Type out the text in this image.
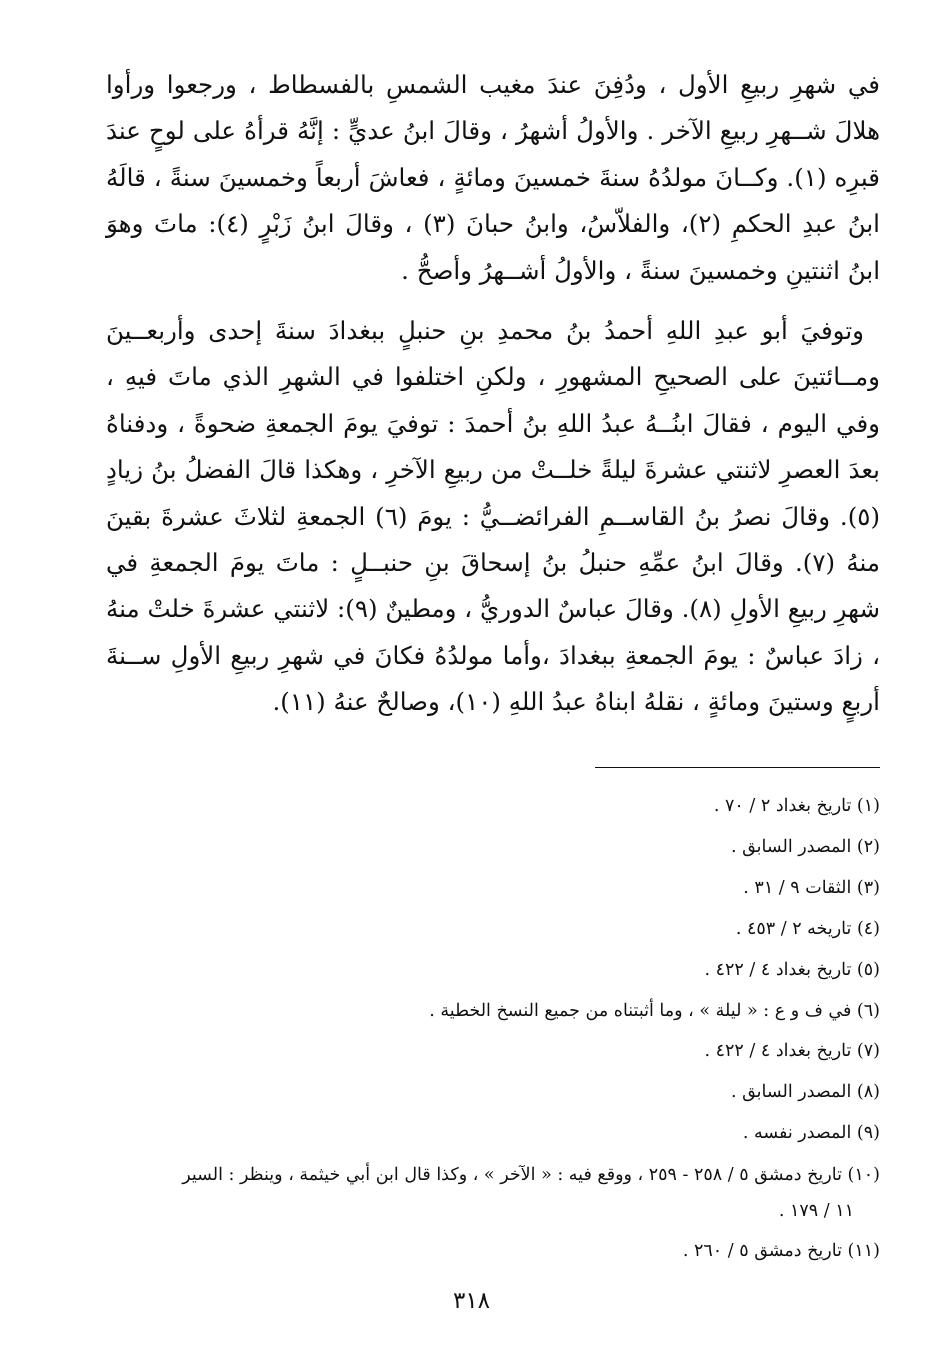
في شهرِ ربيعِ الأول ، ودُفِنَ عندَ مغيب الشمسِ بالفسطاط ، ورجعوا ورأوا هلالَ شــهرِ ربيعِ الآخر . والأولُ أشهرُ ، وقالَ ابنُ عديٍّ : إنَّهُ قرأهُ على لوحٍ عندَ قبرِه (١). وكــانَ مولدُهُ سنةَ خمسينَ ومائةٍ ، فعاشَ أربعاً وخمسينَ سنةً ، قالَهُ ابنُ عبدِ الحكمِ (٢)، والفلاّسُ، وابنُ حبانَ (٣) ، وقالَ ابنُ زَبْرٍ (٤): ماتَ وهوَ ابنُ اثنتينِ وخمسينَ سنةً ، والأولُ أشــهرُ وأصحُّ .

وتوفيَ أبو عبدِ اللهِ أحمدُ بنُ محمدِ بنِ حنبلٍ ببغدادَ سنةَ إحدى وأربعــينَ ومــائتينَ على الصحيحِ المشهورِ ، ولكنِ اختلفوا في الشهرِ الذي ماتَ فيهِ ، وفي اليوم ، فقالَ ابنُــهُ عبدُ اللهِ بنُ أحمدَ : توفيَ يومَ الجمعةِ ضحوةً ، ودفناهُ بعدَ العصرِ لاثنتي عشرةَ ليلةً خلــتْ من ربيعِ الآخرِ ، وهكذا قالَ الفضلُ بنُ زيادٍ (٥). وقالَ نصرُ بنُ القاســمِ الفرائضــيُّ : يومَ (٦) الجمعةِ لثلاثَ عشرةَ بقينَ منهُ (٧). وقالَ ابنُ عمِّهِ حنبلُ بنُ إسحاقَ بنِ حنبــلٍ : ماتَ يومَ الجمعةِ في شهرِ ربيعِ الأولِ (٨). وقالَ عباسٌ الدوريُّ ، ومطينٌ (٩): لاثنتي عشرةَ خلتْ منهُ ، زادَ عباسٌ : يومَ الجمعةِ ببغدادَ ،وأما مولدُهُ فكانَ في شهرِ ربيعِ الأولِ ســنةَ أربعٍ وستينَ ومائةٍ ، نقلهُ ابناهُ عبدُ اللهِ (١٠)، وصالحٌ عنهُ (١١).

(١) تاريخ بغداد ٢ / ٧٠ .
(٢) المصدر السابق .
(٣) الثقات ٩ / ٣١ .
(٤) تاريخه ٢ / ٤٥٣ .
(٥) تاريخ بغداد ٤ / ٤٢٢ .
(٦) في ف و ع : « ليلة » ، وما أثبتناه من جميع النسخ الخطية .
(٧) تاريخ بغداد ٤ / ٤٢٢ .
(٨) المصدر السابق .
(٩) المصدر نفسه .
(١٠) تاريخ دمشق ٥ / ٢٥٨ - ٢٥٩ ، ووقع فيه : « الآخر » ، وكذا قال ابن أبي خيثمة ، وينظر : السير
١١ / ١٧٩ .
(١١) تاريخ دمشق ٥ / ٢٦٠ .
٣١٨
